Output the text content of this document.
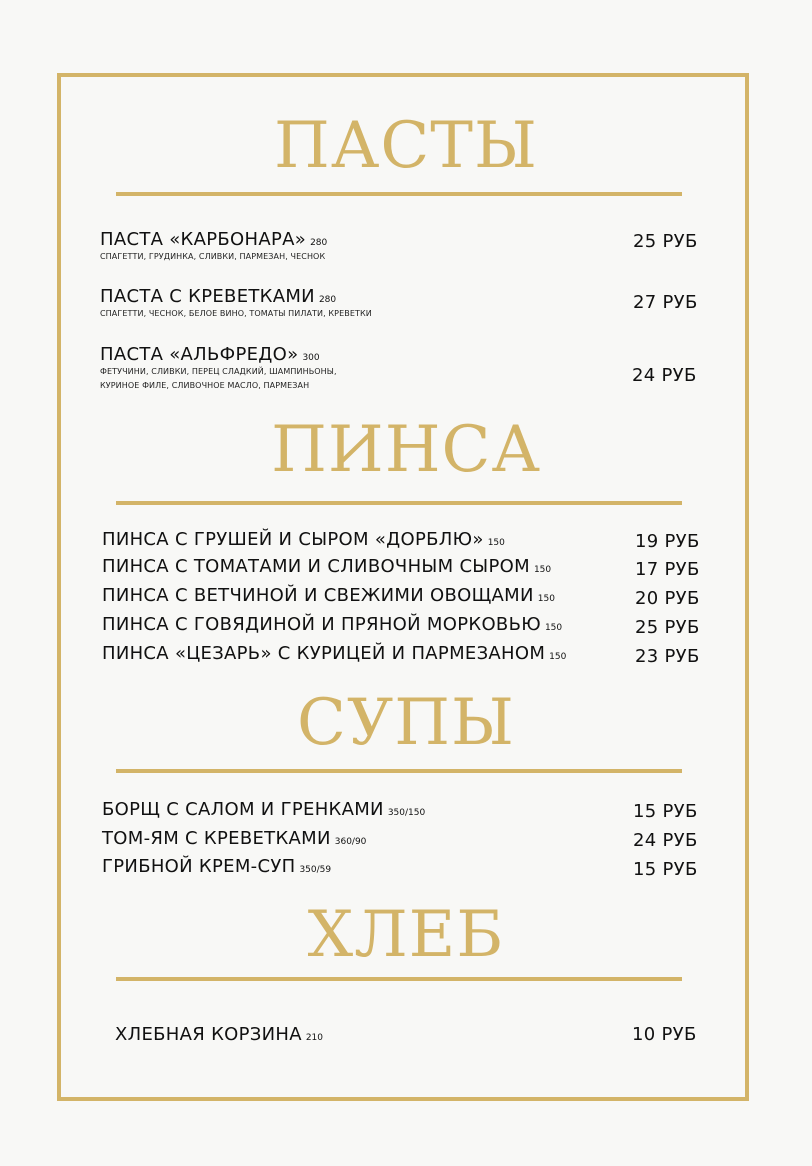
ПАСТЫ
ПАСТА «КАРБОНАРА» 280
СПАГЕТТИ, ГРУДИНКА, СЛИВКИ, ПАРМЕЗАН, ЧЕСНОК
25 РУБ
ПАСТА С КРЕВЕТКАМИ 280
СПАГЕТТИ, ЧЕСНОК, БЕЛОЕ ВИНО, ТОМАТЫ ПИЛАТИ, КРЕВЕТКИ
27 РУБ
ПАСТА «АЛЬФРЕДО» 300
ФЕТУЧИНИ, СЛИВКИ, ПЕРЕЦ СЛАДКИЙ, ШАМПИНЬОНЫ,
КУРИНОЕ ФИЛЕ, СЛИВОЧНОЕ МАСЛО, ПАРМЕЗАН	24 РУБ
ПИНСА
ПИНСА С ГРУШЕЙ И СЫРОМ «ДОРБЛЮ» 150	19 РУБ
ПИНСА С ТОМАТАМИ И СЛИВОЧНЫМ СЫРОМ 150	17 РУБ
ПИНСА С ВЕТЧИНОЙ И СВЕЖИМИ ОВОЩАМИ 150	20 РУБ
ПИНСА С ГОВЯДИНОЙ И ПРЯНОЙ МОРКОВЬЮ 150	25 РУБ
ПИНСА «ЦЕЗАРЬ» С КУРИЦЕЙ И ПАРМЕЗАНОМ 150	23 РУБ
СУПЫ
БОРЩ С САЛОМ И ГРЕНКАМИ 350/150	15 РУБ
ТОМ-ЯМ С КРЕВЕТКАМИ 360/90	24 РУБ
ГРИБНОЙ КРЕМ-СУП 350/59	15 РУБ
ХЛЕБ
ХЛЕБНАЯ КОРЗИНА 210	10 РУБ
